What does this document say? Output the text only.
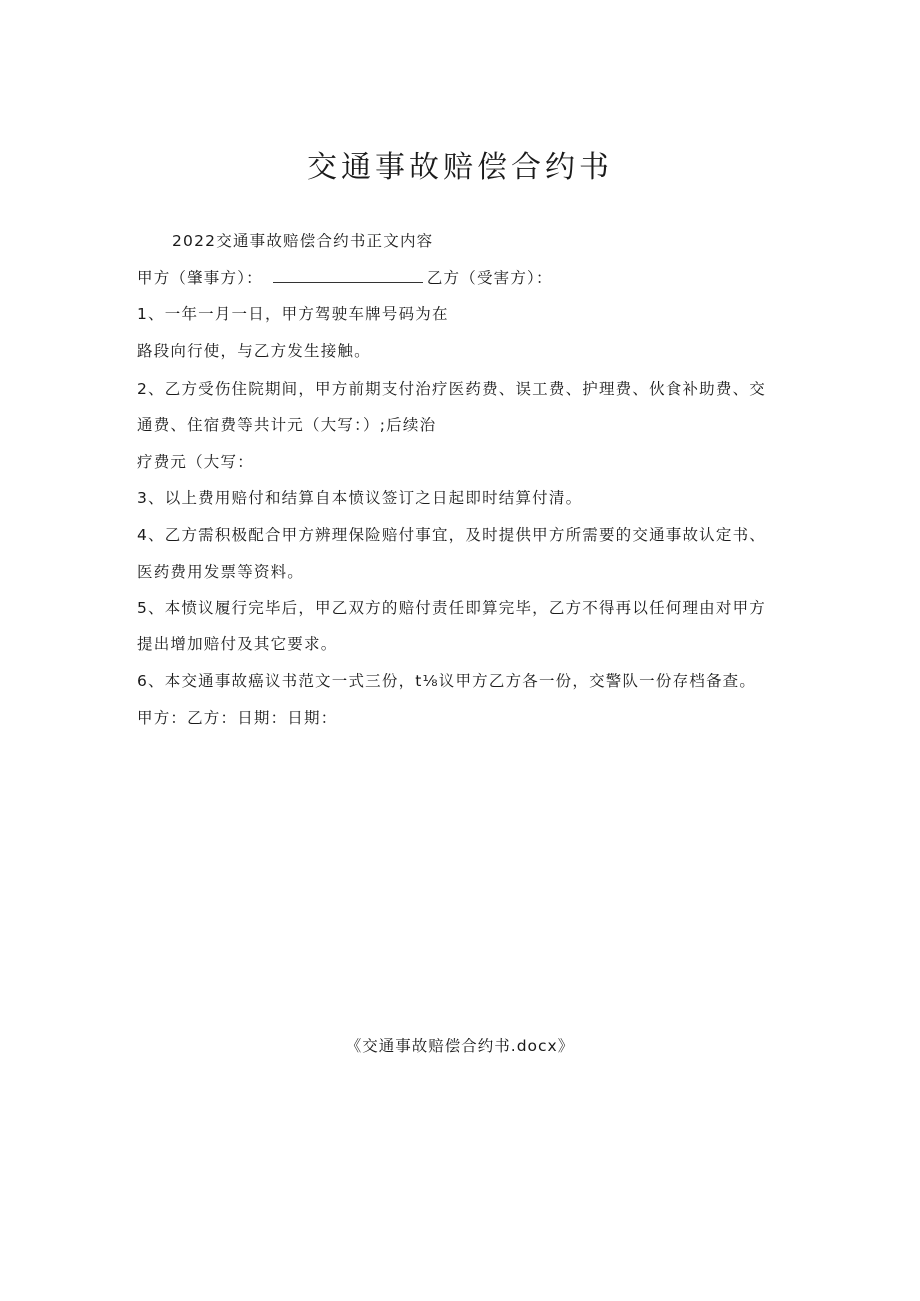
交通事故赔偿合约书
2022交通事故赔偿合约书正文内容
甲方（肇事方）：	乙方（受害方）：
1、一年一月一日，甲方驾驶车牌号码为在
路段向行使，与乙方发生接触。
2、乙方受伤住院期间，甲方前期支付治疗医药费、误工费、护理费、伙食补助费、交
通费、住宿费等共计元（大写：）;后续治
疗费元（大写：
3、以上费用赔付和结算自本愤议签订之日起即时结算付清。
4、乙方需积极配合甲方辨理保险赔付事宜，及时提供甲方所需要的交通事故认定书、
医药费用发票等资料。
5、本愤议履行完毕后，甲乙双方的赔付责任即算完毕，乙方不得再以任何理由对甲方
提出增加赔付及其它要求。
6、本交通事故癌议书范文一式三份，t⅛议甲方乙方各一份，交警队一份存档备查。
甲方：乙方：日期：日期：
《交通事故赔偿合约书.docx》
